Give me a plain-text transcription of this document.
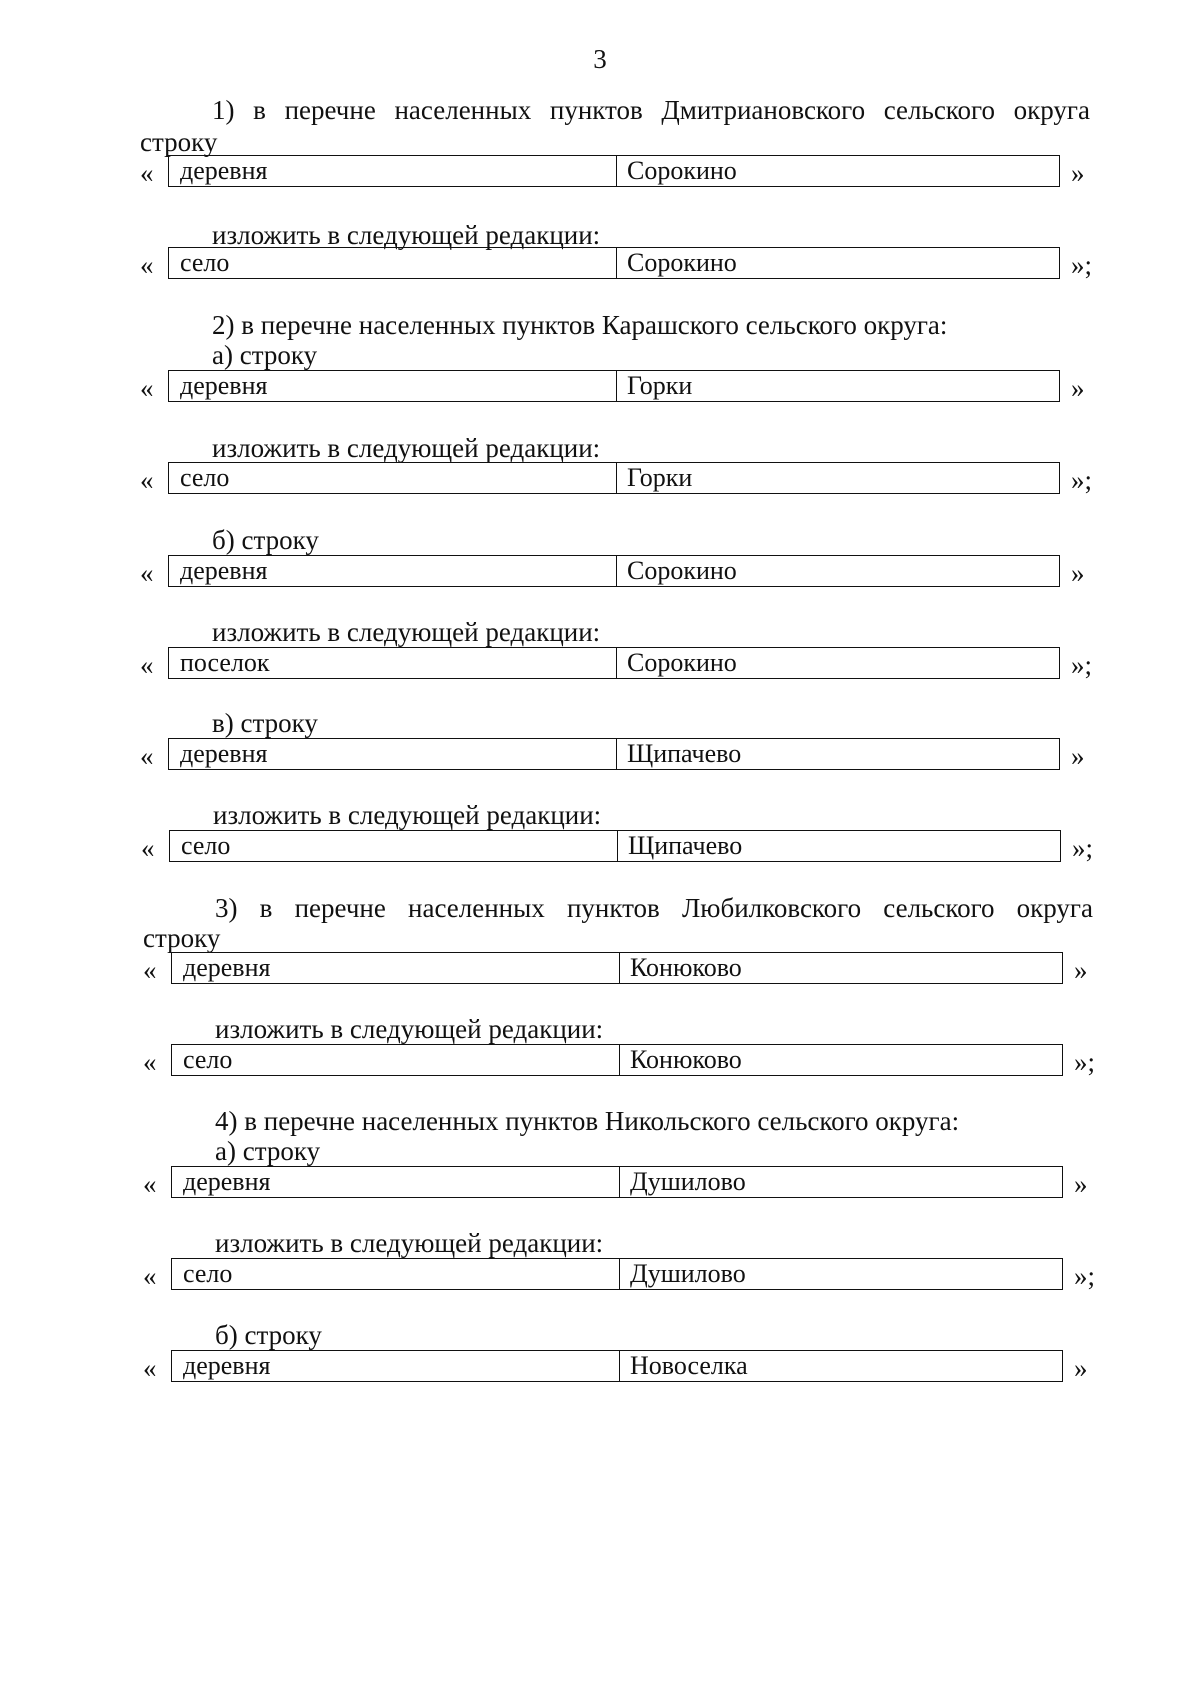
3
1) в перечне населенных пунктов Дмитриановского сельского округа
строку
«	деревня	Сорокино	»
изложить в следующей редакции:
«	село	Сорокино	»;
2) в перечне населенных пунктов Карашского сельского округа:
а) строку
«	деревня	Горки	»
изложить в следующей редакции:
«	село	Горки	»;
б) строку
«	деревня	Сорокино	»
изложить в следующей редакции:
«	поселок	Сорокино	»;
в) строку
«	деревня	Щипачево	»
изложить в следующей редакции:
«	село	Щипачево	»;
3) в перечне населенных пунктов Любилковского сельского округа
строку
«	деревня	Конюково	»
изложить в следующей редакции:
«	село	Конюково	»;
4) в перечне населенных пунктов Никольского сельского округа:
а) строку
«	деревня	Душилово	»
изложить в следующей редакции:
«	село	Душилово	»;
б) строку
«	деревня	Новоселка	»
